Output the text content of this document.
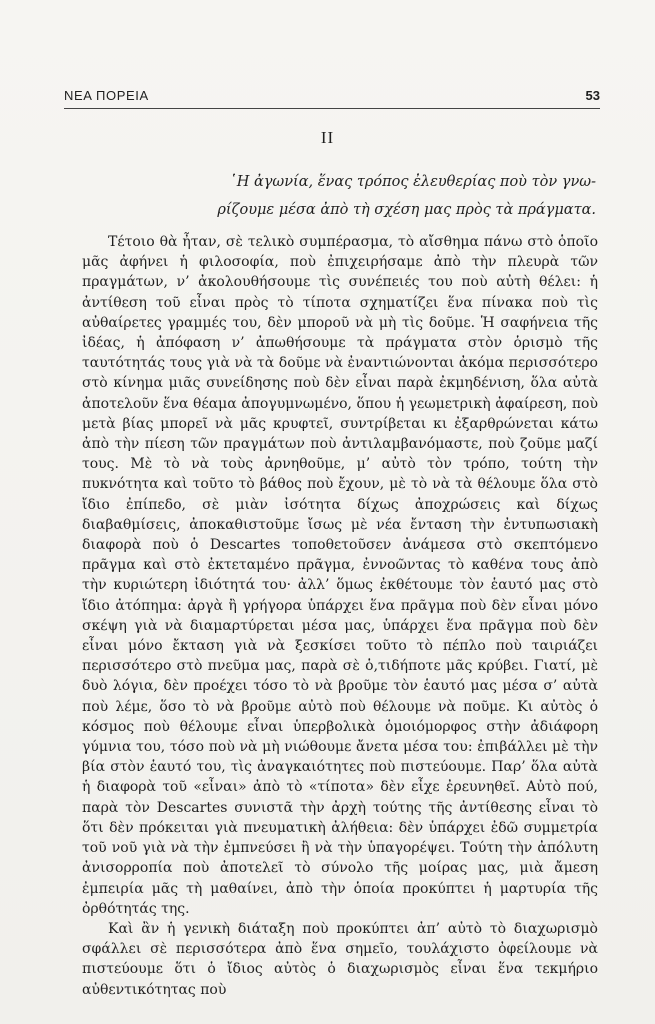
ΝΕΑ ΠΟΡΕΙΑ	53
II
῾Η ἀγωνία, ἕνας τρόπος ἐλευθερίας ποὺ τὸν γνω-
ρίζουμε μέσα ἀπὸ τὴ σχέση μας πρὸς τὰ πράγματα.

Τέτοιο θὰ ἦταν, σὲ τελικὸ συμπέρασμα, τὸ αἴσθημα πάνω στὸ ὁποῖο μᾶς ἀφήνει ἡ φιλοσοφία, ποὺ ἐπιχειρήσαμε ἀπὸ τὴν πλευρὰ τῶν πραγμάτων, ν’ ἀκολουθήσουμε τὶς συνέπειές του ποὺ αὐτὴ θέλει: ἡ ἀντίθεση τοῦ εἶναι πρὸς τὸ τίποτα σχηματίζει ἕνα πίνακα ποὺ τὶς αὐθαίρετες γραμμές του, δὲν μποροῦ νὰ μὴ τὶς δοῦμε. Ἡ σαφήνεια τῆς ἰδέας, ἡ ἀπόφαση ν’ ἀπωθήσουμε τὰ πράγματα στὸν ὁρισμὸ τῆς ταυτότητάς τους γιὰ νὰ τὰ δοῦμε νὰ ἐναντιώνονται ἀκόμα περισσότερο στὸ κίνημα μιᾶς συνείδησης ποὺ δὲν εἶναι παρὰ ἐκμηδένιση, ὅλα αὐτὰ ἀποτελοῦν ἕνα θέαμα ἀπογυμνωμένο, ὅπου ἡ γεωμετρικὴ ἀφαίρεση, ποὺ μετὰ βίας μπορεῖ νὰ μᾶς κρυφτεῖ, συντρίβεται κι ἐξαρθρώνεται κάτω ἀπὸ τὴν πίεση τῶν πραγμάτων ποὺ ἀντιλαμβανόμαστε, ποὺ ζοῦμε μαζί τους. Μὲ τὸ νὰ τοὺς ἀρνηθοῦμε, μ’ αὐτὸ τὸν τρόπο, τούτη τὴν πυκνότητα καὶ τοῦτο τὸ βάθος ποὺ ἔχουν, μὲ τὸ νὰ τὰ θέλουμε ὅλα στὸ ἴδιο ἐπίπεδο, σὲ μιὰν ἰσότητα δίχως ἀποχρώσεις καὶ δίχως διαβαθμίσεις, ἀποκαθιστοῦμε ἴσως μὲ νέα ἔνταση τὴν ἐντυπωσιακὴ διαφορὰ ποὺ ὁ Descartes τοποθετοῦσεν ἀνάμεσα στὸ σκεπτόμενο πρᾶγμα καὶ στὸ ἐκτεταμένο πρᾶγμα, ἐννοῶντας τὸ καθένα τους ἀπὸ τὴν κυριώτερη ἰδιότητά του· ἀλλ’ ὅμως ἐκθέτουμε τὸν ἑαυτό μας στὸ ἴδιο ἀτόπημα: ἀργὰ ἢ γρήγορα ὑπάρχει ἕνα πρᾶγμα ποὺ δὲν εἶναι μόνο σκέψη γιὰ νὰ διαμαρτύρεται μέσα μας, ὑπάρχει ἕνα πρᾶγμα ποὺ δὲν εἶναι μόνο ἔκταση γιὰ νὰ ξεσκίσει τοῦτο τὸ πέπλο ποὺ ταιριάζει περισσότερο στὸ πνεῦμα μας, παρὰ σὲ ὁ,τιδήποτε μᾶς κρύβει. Γιατί, μὲ δυὸ λόγια, δὲν προέχει τόσο τὸ νὰ βροῦμε τὸν ἑαυτό μας μέσα σ’ αὐτὰ ποὺ λέμε, ὅσο τὸ νὰ βροῦμε αὐτὸ ποὺ θέλουμε νὰ ποῦμε. Κι αὐτὸς ὁ κόσμος ποὺ θέλουμε εἶναι ὑπερβολικὰ ὁμοιόμορφος στὴν ἀδιάφορη γύμνια του, τόσο ποὺ νὰ μὴ νιώθουμε ἄνετα μέσα του: ἐπιβάλλει μὲ τὴν βία στὸν ἑαυτό του, τὶς ἀναγκαιότητες ποὺ πιστεύουμε. Παρ’ ὅλα αὐτὰ ἡ διαφορὰ τοῦ «εἶναι» ἀπὸ τὸ «τίποτα» δὲν εἶχε ἐρευνηθεῖ. Αὐτὸ πού, παρὰ τὸν Descartes συνιστᾶ τὴν ἀρχὴ τούτης τῆς ἀντίθεσης εἶναι τὸ ὅτι δὲν πρόκειται γιὰ πνευματικὴ ἀλήθεια: δὲν ὑπάρχει ἐδῶ συμμετρία τοῦ νοῦ γιὰ νὰ τὴν ἐμπνεύσει ἢ νὰ τὴν ὑπαγορέψει. Τούτη τὴν ἀπόλυτη ἀνισορροπία ποὺ ἀποτελεῖ τὸ σύνολο τῆς μοίρας μας, μιὰ ἄμεση ἐμπειρία μᾶς τὴ μαθαίνει, ἀπὸ τὴν ὁποία προκύπτει ἡ μαρτυρία τῆς ὀρθότητάς της.

Καὶ ἂν ἡ γενικὴ διάταξη ποὺ προκύπτει ἀπ’ αὐτὸ τὸ διαχωρισμὸ σφάλλει σὲ περισσότερα ἀπὸ ἕνα σημεῖο, τουλάχιστο ὀφείλουμε νὰ πιστεύουμε ὅτι ὁ ἴδιος αὐτὸς ὁ διαχωρισμὸς εἶναι ἕνα τεκμήριο αὐθεντικότητας ποὺ
